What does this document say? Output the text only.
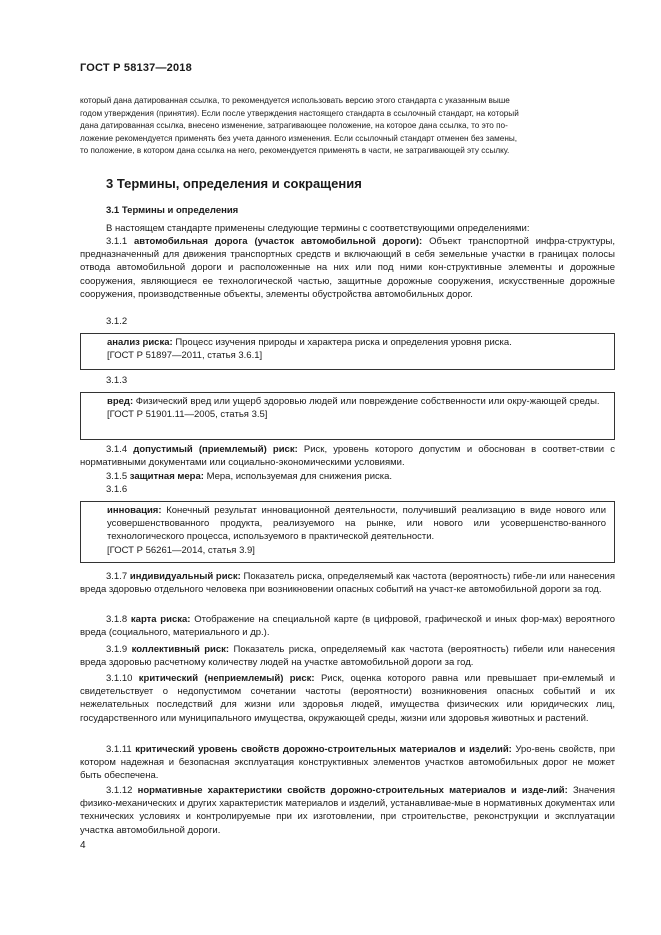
ГОСТ Р 58137—2018
который дана датированная ссылка, то рекомендуется использовать версию этого стандарта с указанным выше
годом утверждения (принятия). Если после утверждения настоящего стандарта в ссылочный стандарт, на который
дана датированная ссылка, внесено изменение, затрагивающее положение, на которое дана ссылка, то это по-
ложение рекомендуется применять без учета данного изменения. Если ссылочный стандарт отменен без замены,
то положение, в котором дана ссылка на него, рекомендуется применять в части, не затрагивающей эту ссылку.
3 Термины, определения и сокращения
3.1 Термины и определения
В настоящем стандарте применены следующие термины с соответствующими определениями:
3.1.1 автомобильная дорога (участок автомобильной дороги): Объект транспортной инфра-структуры, предназначенный для движения транспортных средств и включающий в себя земельные участки в границах полосы отвода автомобильной дороги и расположенные на них или под ними кон-структивные элементы и дорожные сооружения, являющиеся ее технологической частью, защитные дорожные сооружения, искусственные дорожные сооружения, производственные объекты, элементы обустройства автомобильных дорог.
3.1.2
анализ риска: Процесс изучения природы и характера риска и определения уровня риска.
[ГОСТ Р 51897—2011, статья 3.6.1]
3.1.3
вред: Физический вред или ущерб здоровью людей или повреждение собственности или окру-жающей среды.
[ГОСТ Р 51901.11—2005, статья 3.5]
3.1.4 допустимый (приемлемый) риск: Риск, уровень которого допустим и обоснован в соответ-ствии с нормативными документами или социально-экономическими условиями.
3.1.5 защитная мера: Мера, используемая для снижения риска.
3.1.6
инновация: Конечный результат инновационной деятельности, получивший реализацию в виде нового или усовершенствованного продукта, реализуемого на рынке, или нового или усовершенство-ванного технологического процесса, используемого в практической деятельности.
[ГОСТ Р 56261—2014, статья 3.9]
3.1.7 индивидуальный риск: Показатель риска, определяемый как частота (вероятность) гибе-ли или нанесения вреда здоровью отдельного человека при возникновении опасных событий на участ-ке автомобильной дороги за год.
3.1.8 карта риска: Отображение на специальной карте (в цифровой, графической и иных фор-мах) вероятного вреда (социального, материального и др.).
3.1.9 коллективный риск: Показатель риска, определяемый как частота (вероятность) гибели или нанесения вреда здоровью расчетному количеству людей на участке автомобильной дороги за год.
3.1.10 критический (неприемлемый) риск: Риск, оценка которого равна или превышает при-емлемый и свидетельствует о недопустимом сочетании частоты (вероятности) возникновения опасных событий и их нежелательных последствий для жизни или здоровья людей, имущества физических или юридических лиц, государственного или муниципального имущества, окружающей среды, жизни или здоровья животных и растений.
3.1.11 критический уровень свойств дорожно-строительных материалов и изделий: Уро-вень свойств, при котором надежная и безопасная эксплуатация конструктивных элементов участков автомобильных дорог не может быть обеспечена.
3.1.12 нормативные характеристики свойств дорожно-строительных материалов и изде-лий: Значения физико-механических и других характеристик материалов и изделий, устанавливае-мые в нормативных документах или технических условиях и контролируемые при их изготовлении, при строительстве, реконструкции и эксплуатации участка автомобильной дороги.
4
